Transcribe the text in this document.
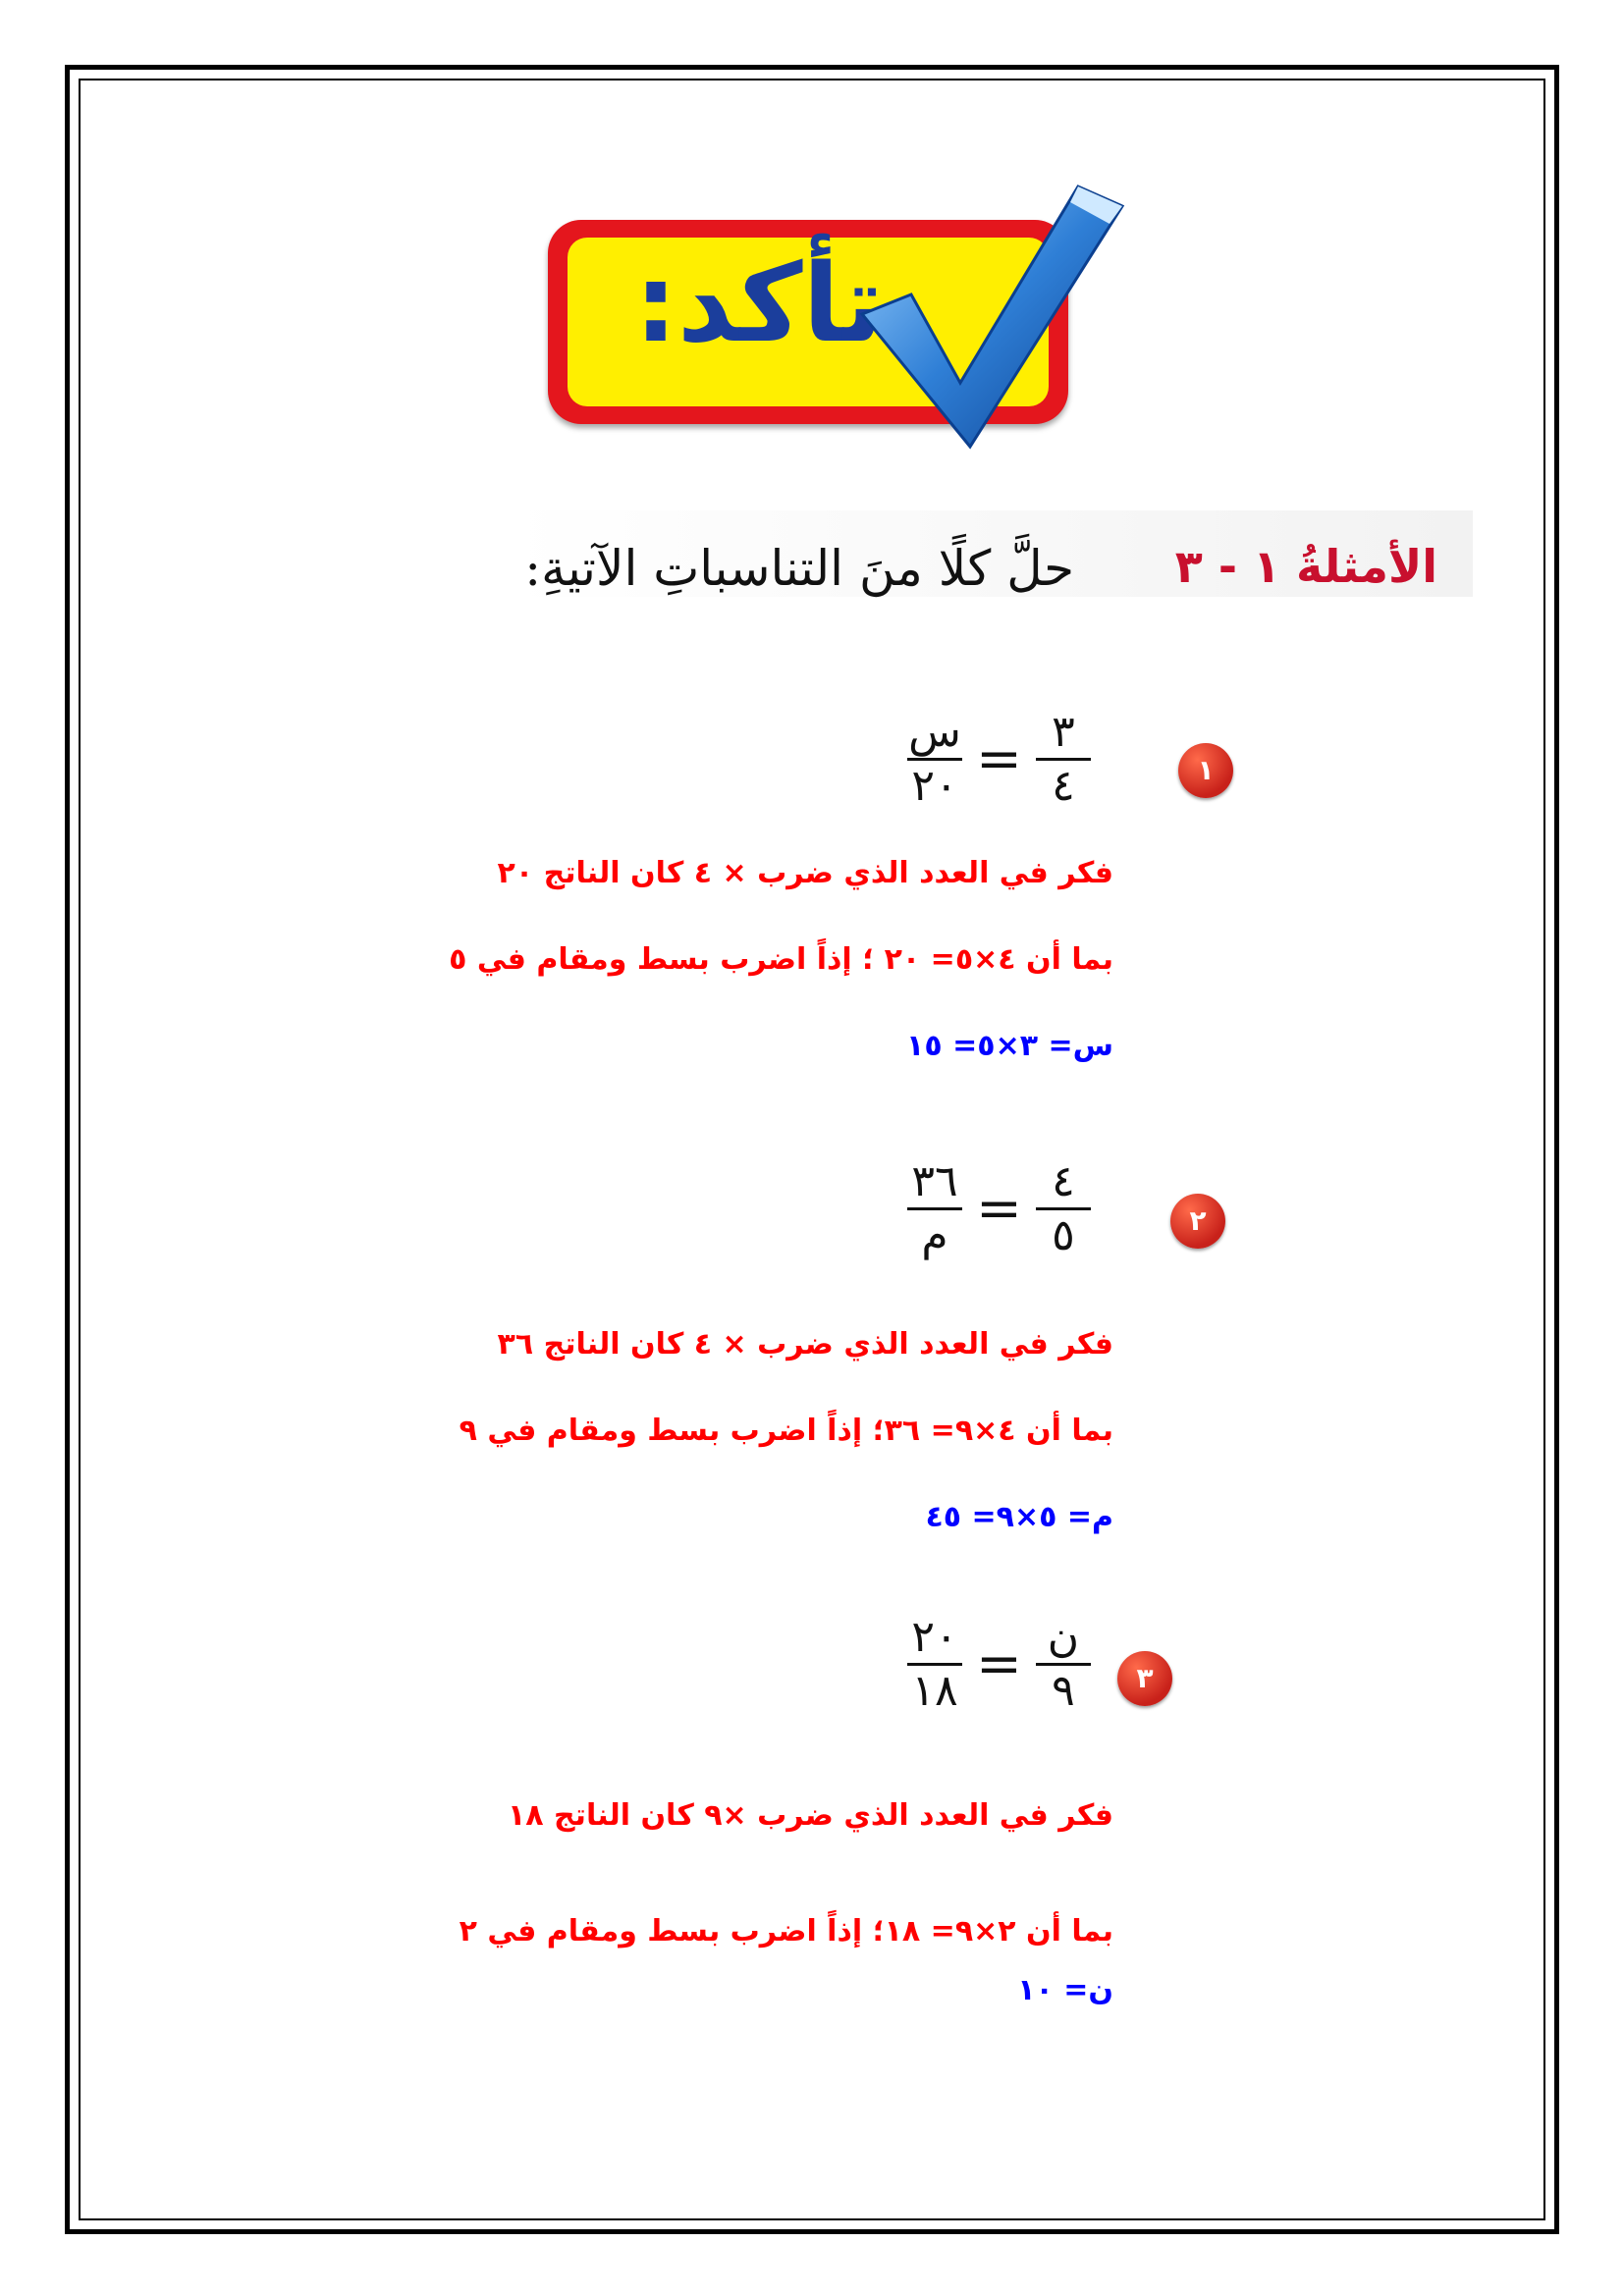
تأكد:
الأمثلةُ ١ - ٣
حلَّ كلًا منَ التناسباتِ الآتيةِ:
١
$\frac{\text{س}}{٢٠} = \frac{٣}{٤}$
فكر في العدد الذي ضرب × ٤ كان الناتج ٢٠
بما أن ٤×٥= ٢٠ ؛ إذاً اضرب بسط ومقام في ٥
س= ٣×٥= ١٥
٢
$\frac{٣٦}{\text{م}} = \frac{٤}{٥}$
فكر في العدد الذي ضرب × ٤ كان الناتج ٣٦
بما أن ٤×٩= ٣٦؛ إذاً اضرب بسط ومقام في ٩
م= ٥×٩= ٤٥
٣
$\frac{٢٠}{١٨} = \frac{\text{ن}}{٩}$
فكر في العدد الذي ضرب ×٩ كان الناتج ١٨
بما أن ٢×٩= ١٨؛ إذاً اضرب بسط ومقام في ٢
ن= ١٠
